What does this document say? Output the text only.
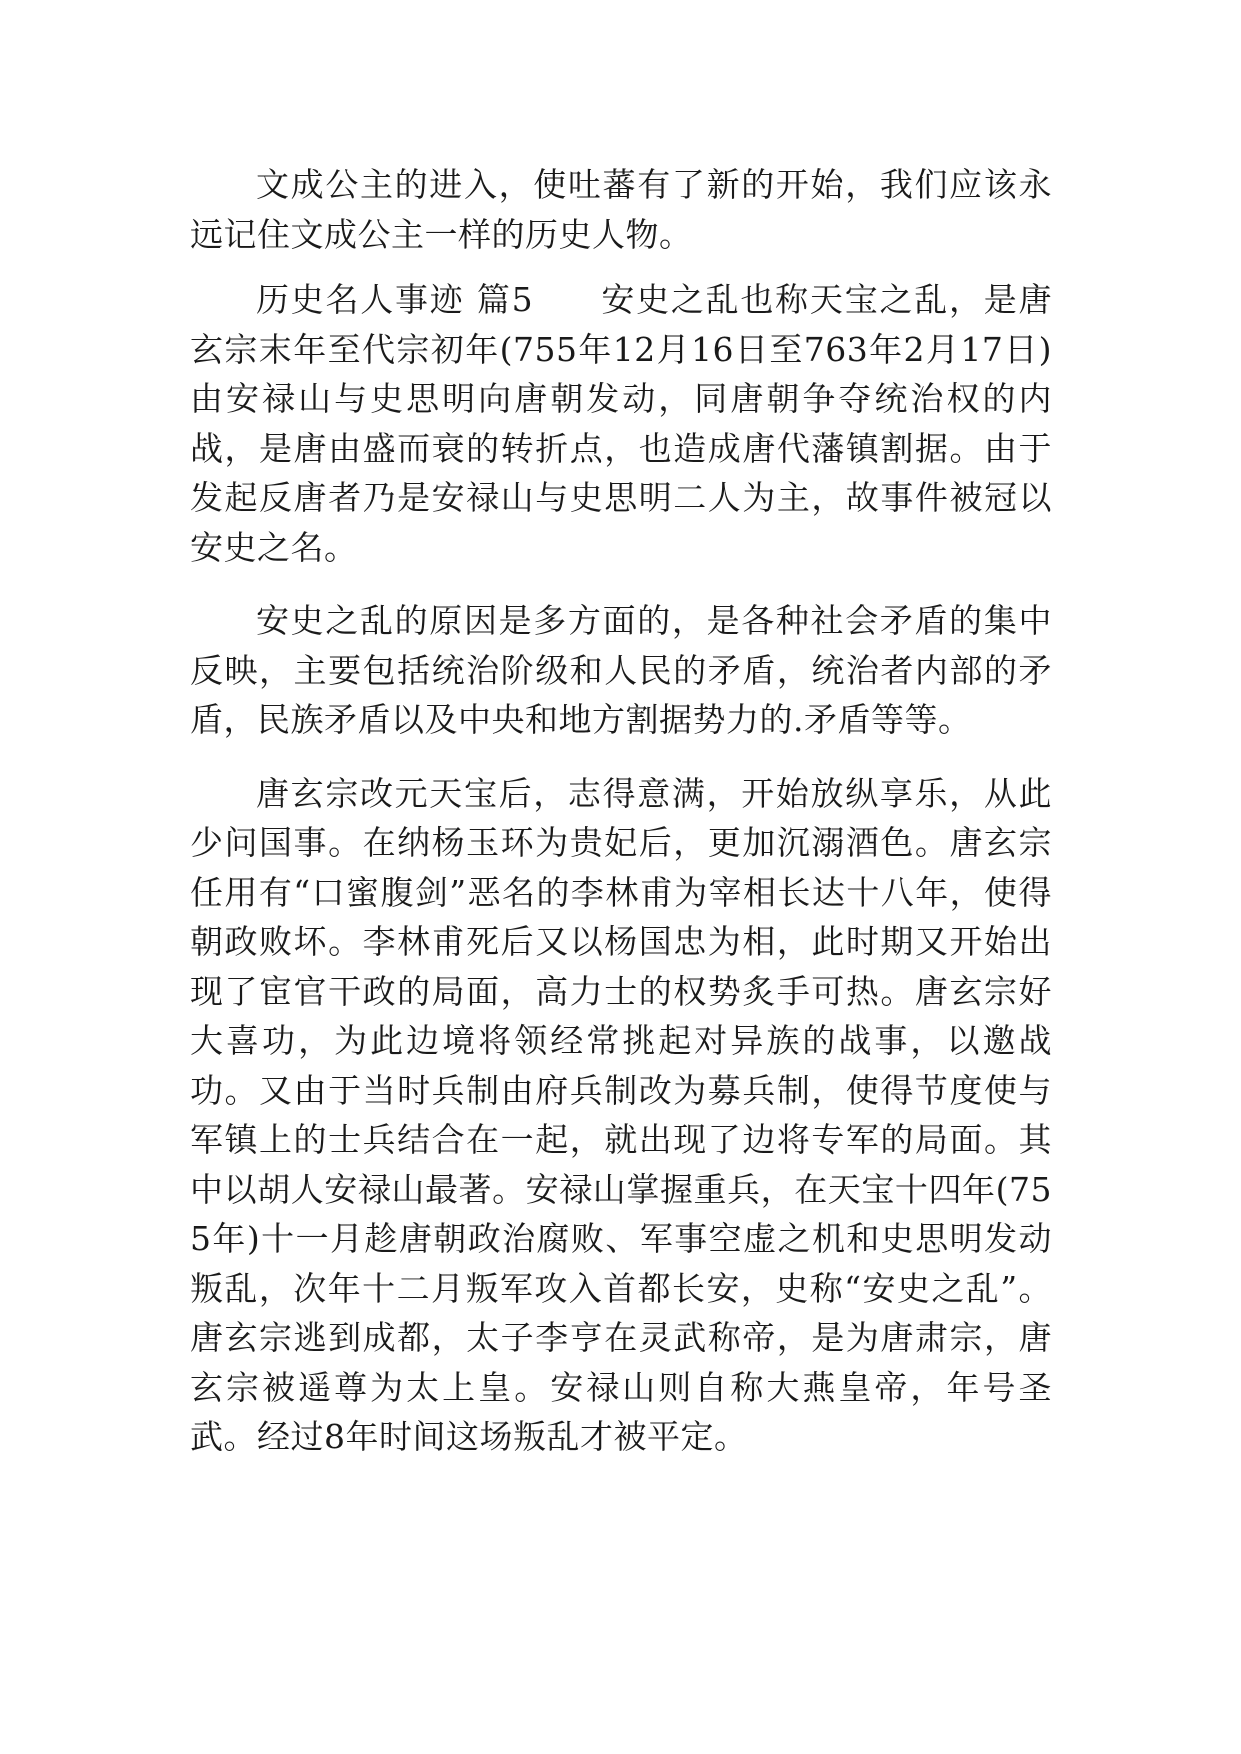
文成公主的进入，使吐蕃有了新的开始，我们应该永远记住文成公主一样的历史人物。

历史名人事迹 篇5   安史之乱也称天宝之乱，是唐玄宗末年至代宗初年(755年12月16日至763年2月17日)由安禄山与史思明向唐朝发动，同唐朝争夺统治权的内战，是唐由盛而衰的转折点，也造成唐代藩镇割据。由于发起反唐者乃是安禄山与史思明二人为主，故事件被冠以安史之名。

安史之乱的原因是多方面的，是各种社会矛盾的集中反映，主要包括统治阶级和人民的矛盾，统治者内部的矛盾，民族矛盾以及中央和地方割据势力的.矛盾等等。

唐玄宗改元天宝后，志得意满，开始放纵享乐，从此少问国事。在纳杨玉环为贵妃后，更加沉溺酒色。唐玄宗任用有“口蜜腹剑”恶名的李林甫为宰相长达十八年，使得朝政败坏。李林甫死后又以杨国忠为相，此时期又开始出现了宦官干政的局面，高力士的权势炙手可热。唐玄宗好大喜功，为此边境将领经常挑起对异族的战事，以邀战功。又由于当时兵制由府兵制改为募兵制，使得节度使与军镇上的士兵结合在一起，就出现了边将专军的局面。其中以胡人安禄山最著。安禄山掌握重兵，在天宝十四年(755年)十一月趁唐朝政治腐败、军事空虚之机和史思明发动叛乱，次年十二月叛军攻入首都长安，史称“安史之乱”。唐玄宗逃到成都，太子李亨在灵武称帝，是为唐肃宗，唐玄宗被遥尊为太上皇。安禄山则自称大燕皇帝，年号圣武。经过8年时间这场叛乱才被平定。
